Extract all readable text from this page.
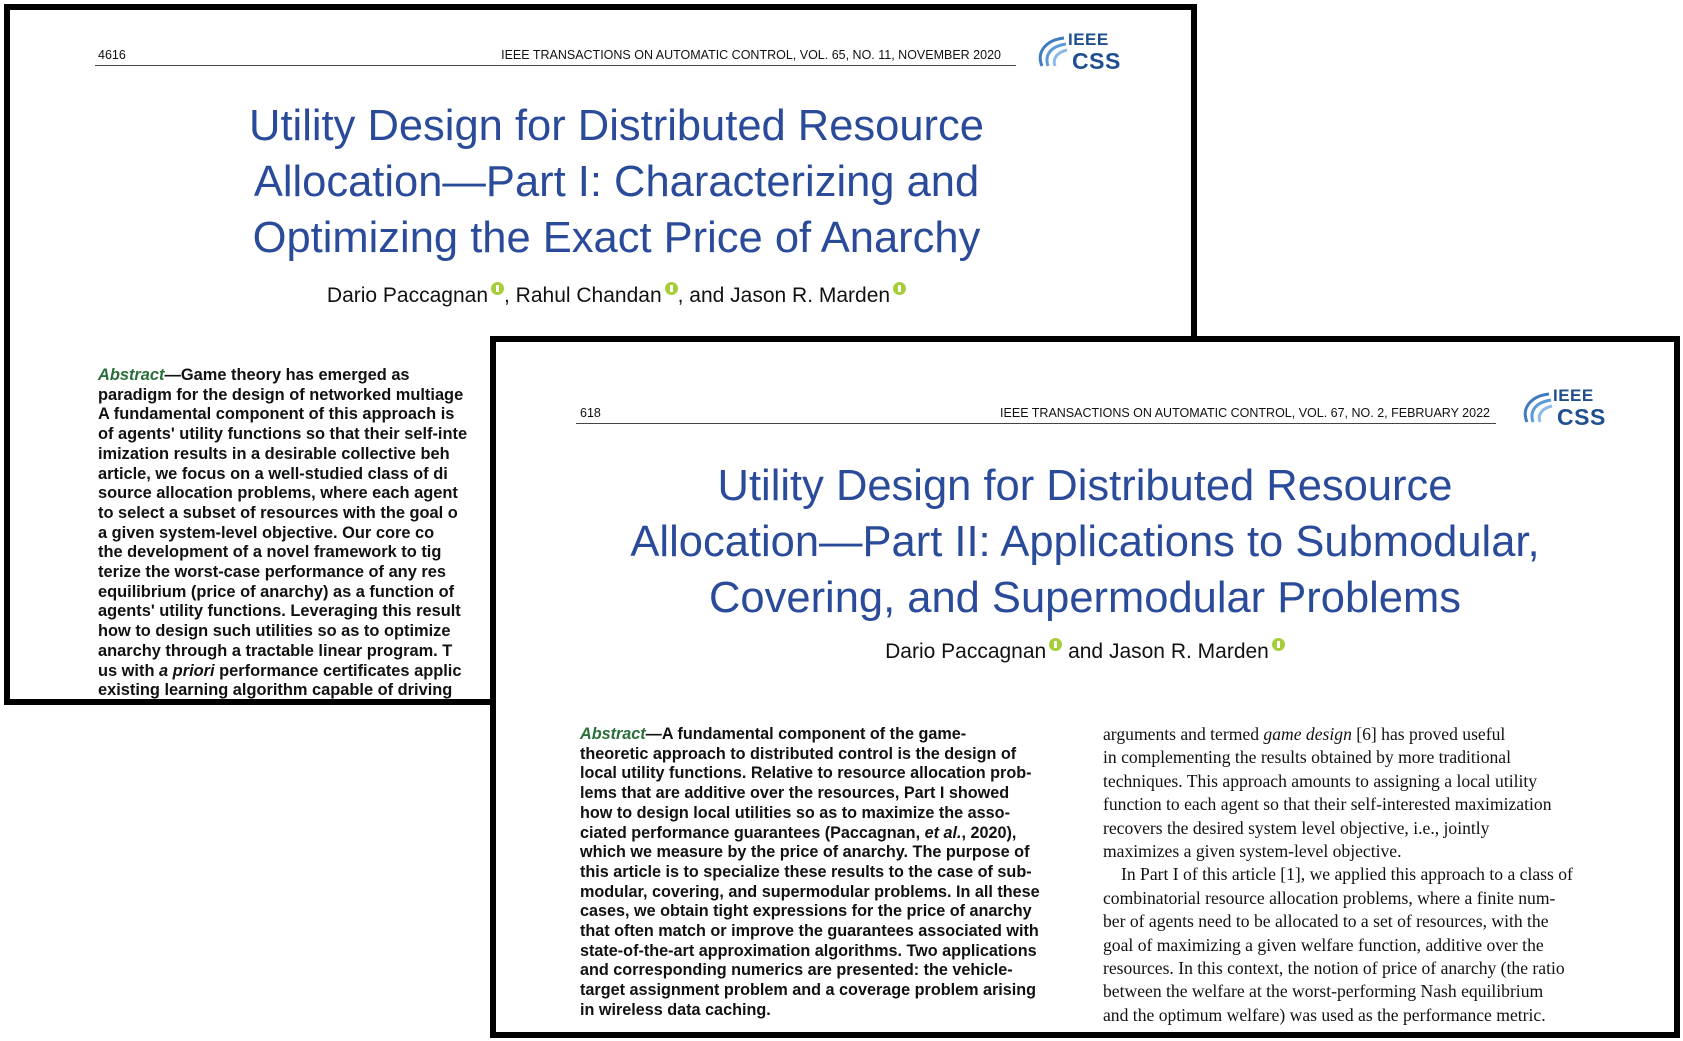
4616	IEEE TRANSACTIONS ON AUTOMATIC CONTROL, VOL. 65, NO. 11, NOVEMBER 2020
IEEE
CSS
Utility Design for Distributed Resource
Allocation—Part I: Characterizing and
Optimizing the Exact Price of Anarchy
Dario Paccagnan , Rahul Chandan , and Jason R. Marden
Abstract—Game theory has emerged as
paradigm for the design of networked multiage
A fundamental component of this approach is
of agents' utility functions so that their self-inte
imization results in a desirable collective beh
article, we focus on a well-studied class of di
source allocation problems, where each agent
to select a subset of resources with the goal o
a given system-level objective. Our core co
the development of a novel framework to tig
terize the worst-case performance of any res
equilibrium (price of anarchy) as a function of
agents' utility functions. Leveraging this result
how to design such utilities so as to optimize
anarchy through a tractable linear program. T
us with a priori performance certificates applic
existing learning algorithm capable of driving
618	IEEE TRANSACTIONS ON AUTOMATIC CONTROL, VOL. 67, NO. 2, FEBRUARY 2022
IEEE
CSS
Utility Design for Distributed Resource
Allocation—Part II: Applications to Submodular,
Covering, and Supermodular Problems
Dario Paccagnan and Jason R. Marden
Abstract—A fundamental component of the game-
theoretic approach to distributed control is the design of
local utility functions. Relative to resource allocation prob-
lems that are additive over the resources, Part I showed
how to design local utilities so as to maximize the asso-
ciated performance guarantees (Paccagnan, et al., 2020),
which we measure by the price of anarchy. The purpose of
this article is to specialize these results to the case of sub-
modular, covering, and supermodular problems. In all these
cases, we obtain tight expressions for the price of anarchy
that often match or improve the guarantees associated with
state-of-the-art approximation algorithms. Two applications
and corresponding numerics are presented: the vehicle-
target assignment problem and a coverage problem arising
in wireless data caching.
arguments and termed game design [6] has proved useful
in complementing the results obtained by more traditional
techniques. This approach amounts to assigning a local utility
function to each agent so that their self-interested maximization
recovers the desired system level objective, i.e., jointly
maximizes a given system-level objective.
In Part I of this article [1], we applied this approach to a class of
combinatorial resource allocation problems, where a finite num-
ber of agents need to be allocated to a set of resources, with the
goal of maximizing a given welfare function, additive over the
resources. In this context, the notion of price of anarchy (the ratio
between the welfare at the worst-performing Nash equilibrium
and the optimum welfare) was used as the performance metric.
